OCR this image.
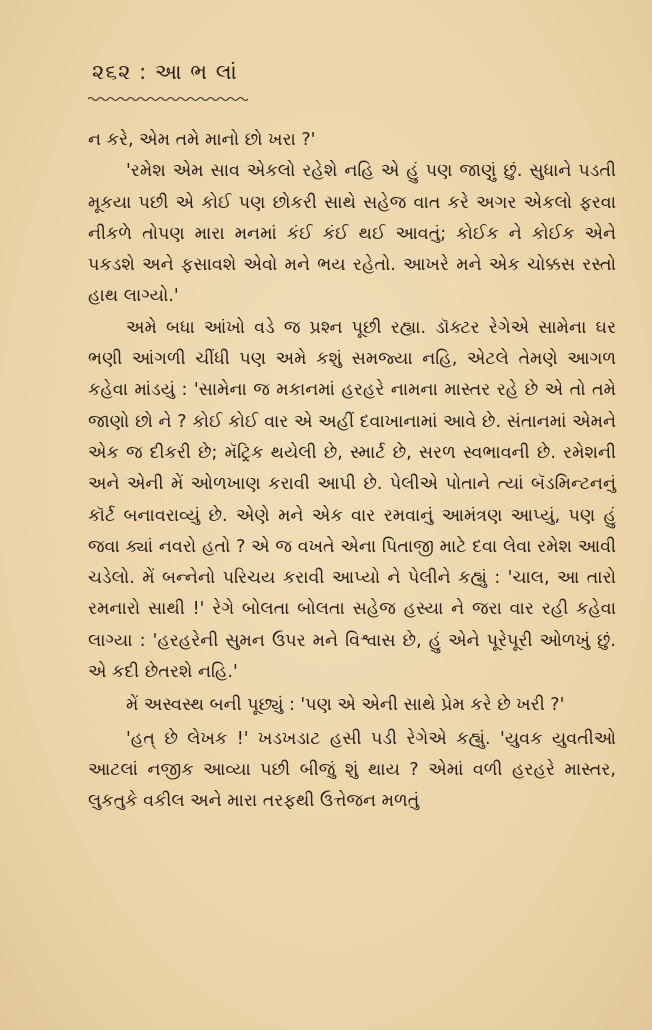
૨૬૨ : આ ભ લાં

ન કરે, એમ તમે માનો છો ખરા ?'

'રમેશ એમ સાવ એકલો રહેશે નહિ એ હું પણ જાણું છું. સુધાને પડતી મૂકયા પછી એ કોઈ પણ છોકરી સાથે સહેજ વાત કરે અગર એકલો ફરવા નીકળે તોપણ મારા મનમાં કંઈ કંઈ થઈ આવતું; કોઈક ને કોઈક એને પકડશે અને ફસાવશે એવો મને ભય રહેતો. આખરે મને એક ચોક્કસ રસ્તો હાથ લાગ્યો.'

અમે બધા આંખો વડે જ પ્રશ્ન પૂછી રહ્યા. ડૉક્ટર રેગેએ સામેના ઘર ભણી આંગળી ચીંધી પણ અમે કશું સમજ્યા નહિ, એટલે તેમણે આગળ કહેવા માંડયું : 'સામેના જ મકાનમાં હરહરે નામના માસ્તર રહે છે એ તો તમે જાણો છો ને ? કોઈ કોઈ વાર એ અહીં દવાખાનામાં આવે છે. સંતાનમાં એમને એક જ દીકરી છે; મૅટ્રિક થયેલી છે, સ્માર્ટ છે, સરળ સ્વભાવની છે. રમેશની અને એની મેં ઓળખાણ કરાવી આપી છે. પેલીએ પોતાને ત્યાં બૅડમિન્ટનનું કૉર્ટ બનાવરાવ્યું છે. એણે મને એક વાર રમવાનું આમંત્રણ આપ્યું, પણ હું જવા ક્યાં નવરો હતો ? એ જ વખતે એના પિતાજી માટે દવા લેવા રમેશ આવી ચડેલો. મેં બન્નેનો પરિચય કરાવી આપ્યો ને પેલીને કહ્યું : 'ચાલ, આ તારો રમનારો સાથી !' રેગે બોલતા બોલતા સહેજ હસ્યા ને જરા વાર રહી કહેવા લાગ્યા : 'હરહરેની સુમન ઉપર મને વિશ્વાસ છે, હું એને પૂરેપૂરી ઓળખું છું. એ કદી છેતરશે નહિ.'

મેં અસ્વસ્થ બની પૂછ્યું : 'પણ એ એની સાથે પ્રેમ કરે છે ખરી ?'

'હત્ છે લેખક !' ખડખડાટ હસી પડી રેગેએ કહ્યું. 'યુવક યુવતીઓ આટલાં નજીક આવ્યા પછી બીજું શું થાય ? એમાં વળી હરહરે માસ્તર, લુકતુકે વકીલ અને મારા તરફથી ઉત્તેજન મળતું
